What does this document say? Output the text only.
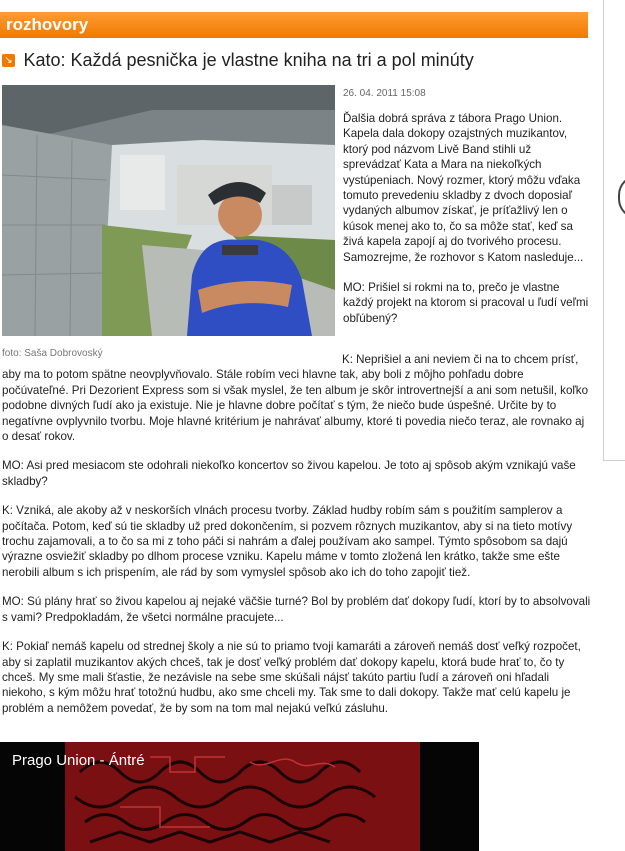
rozhovory
↘ Kato: Každá pesnička je vlastne kniha na tri a pol minúty
foto: Saša Dobrovoský
26. 04. 2011 15:08

Ďalšia dobrá správa z tábora Prago Union. Kapela dala dokopy ozajstných muzikantov, ktorý pod názvom Livě Band stihli už sprevádzať Kata a Mara na niekoľkých vystúpeniach. Nový rozmer, ktorý môžu vďaka tomuto prevedeniu skladby z dvoch doposiaľ vydaných albumov získať, je príťažlivý len o kúsok menej ako to, čo sa môže stať, keď sa živá kapela zapojí aj do tvorivého procesu. Samozrejme, že rozhovor s Katom nasleduje...

MO: Prišiel si rokmi na to, prečo je vlastne každý projekt na ktorom si pracoval u ľudí veľmi obľúbený?

K: Neprišiel a ani neviem či na to chcem prísť, aby ma to potom spätne neovplyvňovalo. Stále robím veci hlavne tak, aby boli z môjho pohľadu dobre počúvateľné. Pri Dezorient Express som si však myslel, že ten album je skôr introvertnejší a ani som netušil, koľko podobne divných ľudí ako ja existuje. Nie je hlavne dobre počítať s tým, že niečo bude úspešné. Určite by to negatívne ovplyvnilo tvorbu. Moje hlavné kritérium je nahrávať albumy, ktoré ti povedia niečo teraz, ale rovnako aj o desať rokov.

MO: Asi pred mesiacom ste odohrali niekoľko koncertov so živou kapelou. Je toto aj spôsob akým vznikajú vaše skladby?

K: Vzniká, ale akoby až v neskorších vlnách procesu tvorby. Základ hudby robím sám s použitím samplerov a počítača. Potom, keď sú tie skladby už pred dokončením, si pozvem rôznych muzikantov, aby si na tieto motívy trochu zajamovali, a to čo sa mi z toho páči si nahrám a ďalej používam ako sampel. Týmto spôsobom sa dajú výrazne osviežiť skladby po dlhom procese vzniku. Kapelu máme v tomto zložená len krátko, takže sme ešte nerobili album s ich prispením, ale rád by som vymyslel spôsob ako ich do toho zapojiť tiež.

MO: Sú plány hrať so živou kapelou aj nejaké väčšie turné? Bol by problém dať dokopy ľudí, ktorí by to absolvovali s vami? Predpokladám, že všetci normálne pracujete...

K: Pokiaľ nemáš kapelu od strednej školy a nie sú to priamo tvoji kamaráti a zároveň nemáš dosť veľký rozpočet, aby si zaplatil muzikantov akých chceš, tak je dosť veľký problém dať dokopy kapelu, ktorá bude hrať to, čo ty chceš. My sme mali šťastie, že nezávisle na sebe sme skúšali nájsť takúto partiu ľudí a zároveň oni hľadali niekoho, s kým môžu hrať totožnú hudbu, ako sme chceli my. Tak sme to dali dokopy. Takže mať celú kapelu je problém a nemôžem povedať, že by som na tom mal nejakú veľkú zásluhu.

Prago Union - Ántré
